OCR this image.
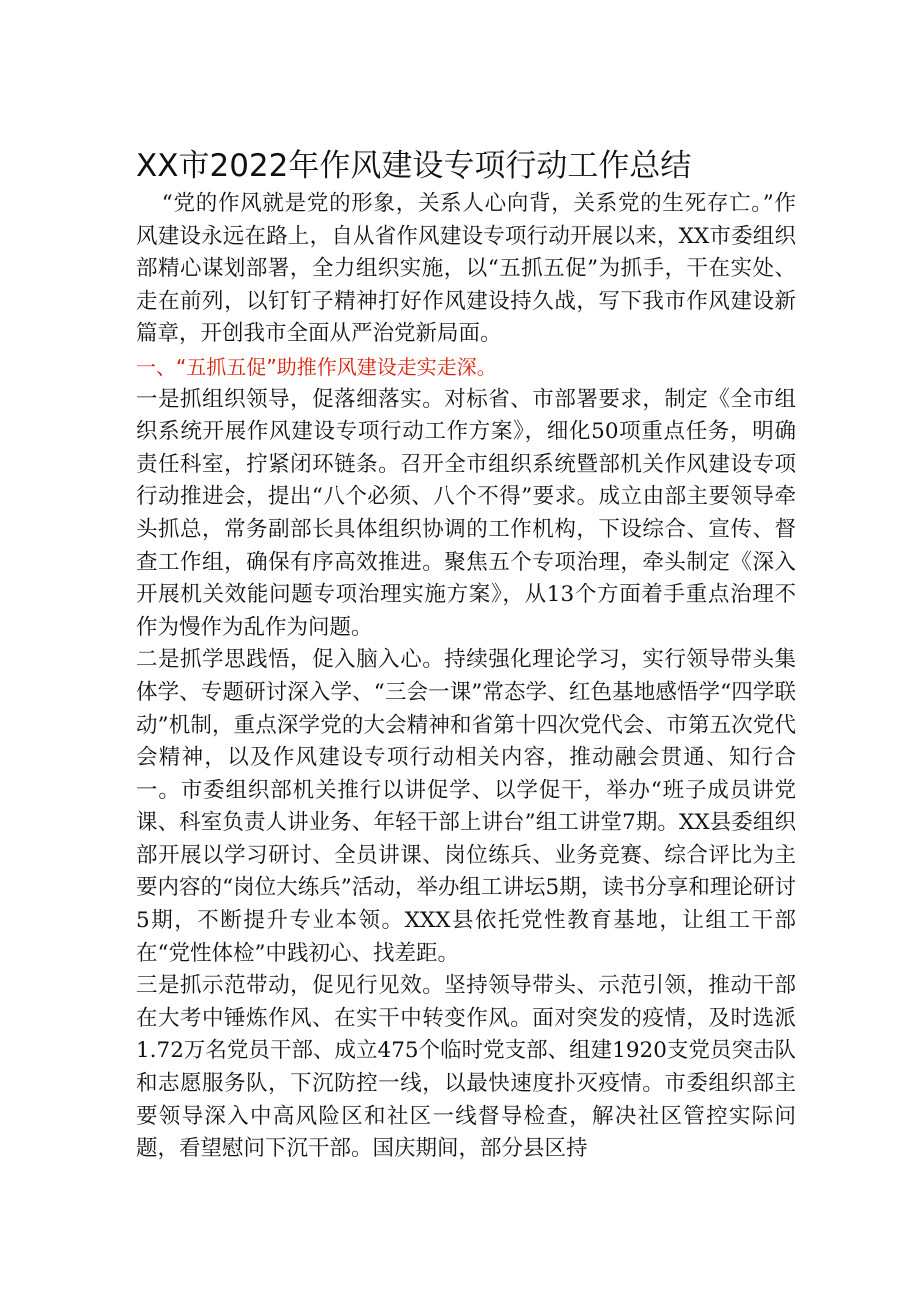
XX市2022年作风建设专项行动工作总结

“党的作风就是党的形象，关系人心向背，关系党的生死存亡。”作风建设永远在路上，自从省作风建设专项行动开展以来，XX市委组织部精心谋划部署，全力组织实施，以“五抓五促”为抓手，干在实处、走在前列，以钉钉子精神打好作风建设持久战，写下我市作风建设新篇章，开创我市全面从严治党新局面。

一、“五抓五促”助推作风建设走实走深。

一是抓组织领导，促落细落实。对标省、市部署要求，制定《全市组织系统开展作风建设专项行动工作方案》，细化50项重点任务，明确责任科室，拧紧闭环链条。召开全市组织系统暨部机关作风建设专项行动推进会，提出“八个必须、八个不得”要求。成立由部主要领导牵头抓总，常务副部长具体组织协调的工作机构，下设综合、宣传、督查工作组，确保有序高效推进。聚焦五个专项治理，牵头制定《深入开展机关效能问题专项治理实施方案》，从13个方面着手重点治理不作为慢作为乱作为问题。

二是抓学思践悟，促入脑入心。持续强化理论学习，实行领导带头集体学、专题研讨深入学、“三会一课”常态学、红色基地感悟学“四学联动”机制，重点深学党的大会精神和省第十四次党代会、市第五次党代会精神，以及作风建设专项行动相关内容，推动融会贯通、知行合一。市委组织部机关推行以讲促学、以学促干，举办“班子成员讲党课、科室负责人讲业务、年轻干部上讲台”组工讲堂7期。XX县委组织部开展以学习研讨、全员讲课、岗位练兵、业务竞赛、综合评比为主要内容的“岗位大练兵”活动，举办组工讲坛5期，读书分享和理论研讨5期，不断提升专业本领。XXX县依托党性教育基地，让组工干部在“党性体检”中践初心、找差距。

三是抓示范带动，促见行见效。坚持领导带头、示范引领，推动干部在大考中锤炼作风、在实干中转变作风。面对突发的疫情，及时选派1.72万名党员干部、成立475个临时党支部、组建1920支党员突击队和志愿服务队，下沉防控一线，以最快速度扑灭疫情。市委组织部主要领导深入中高风险区和社区一线督导检查，解决社区管控实际问题，看望慰问下沉干部。国庆期间，部分县区持
